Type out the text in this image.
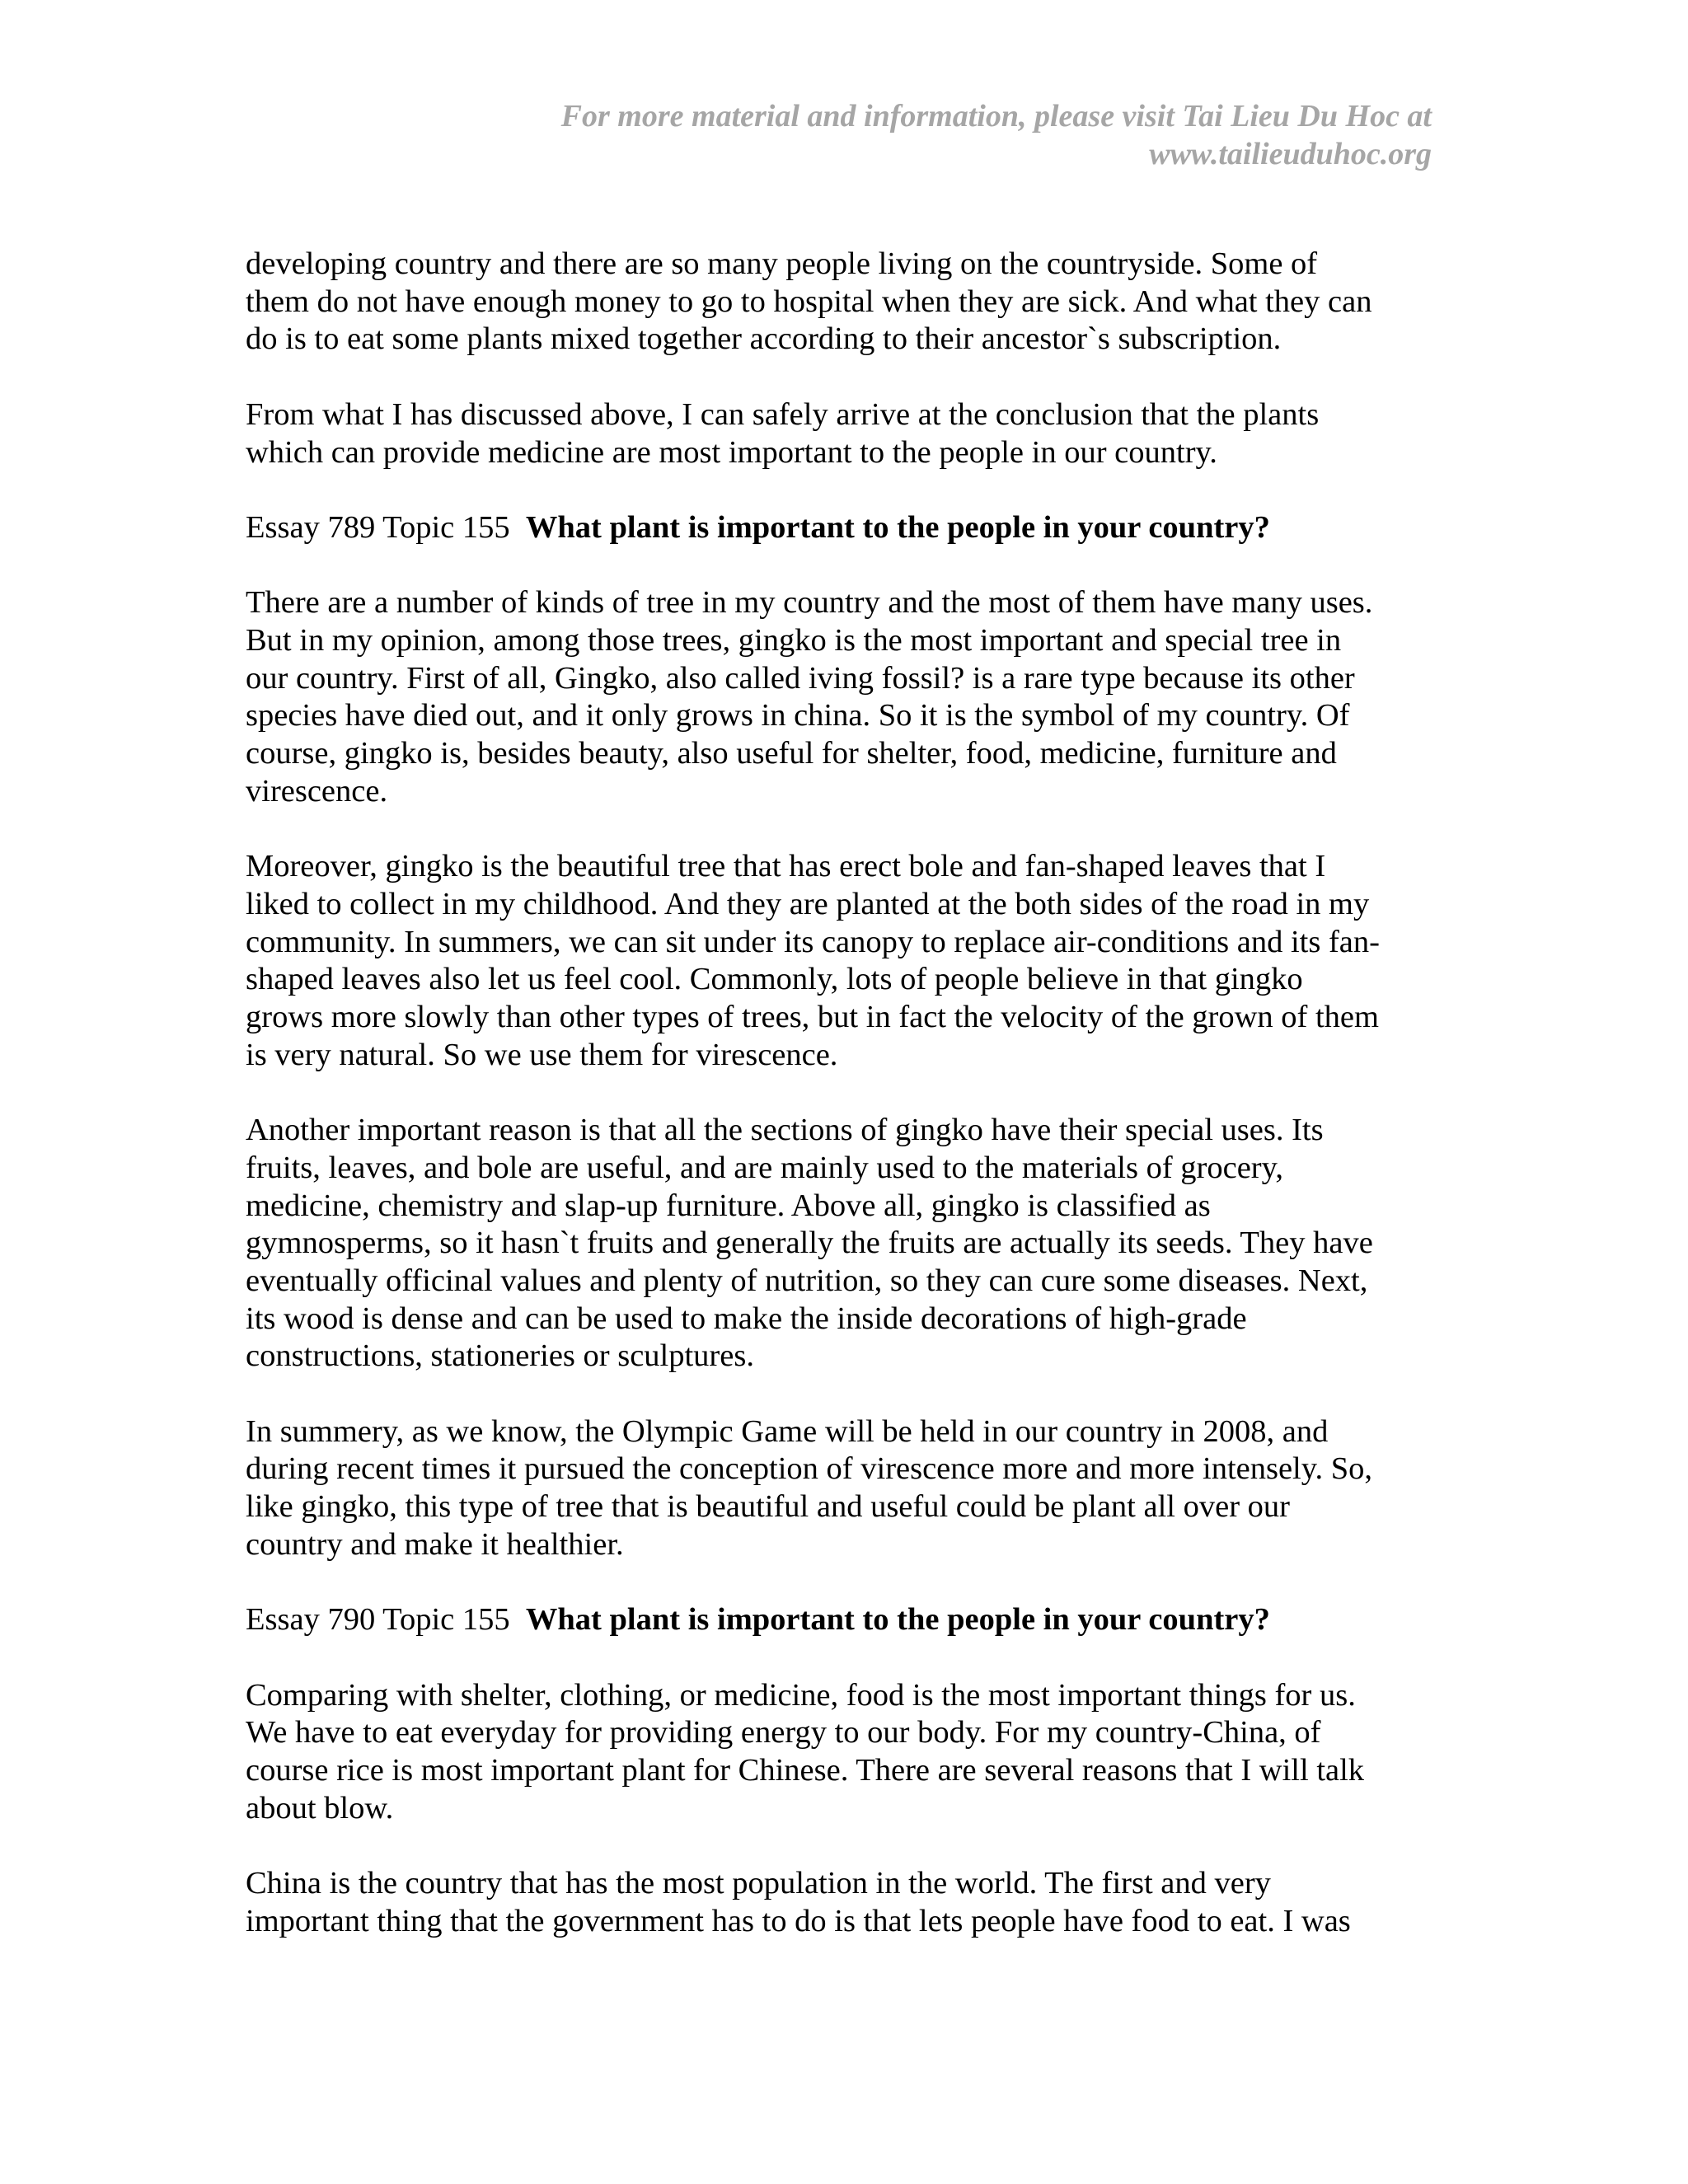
For more material and information, please visit Tai Lieu Du Hoc at
www.tailieuduhoc.org
developing country and there are so many people living on the countryside. Some of
them do not have enough money to go to hospital when they are sick. And what they can
do is to eat some plants mixed together according to their ancestor`s subscription.
From what I has discussed above, I can safely arrive at the conclusion that the plants
which can provide medicine are most important to the people in our country.
Essay 789 Topic 155  What plant is important to the people in your country?
There are a number of kinds of tree in my country and the most of them have many uses.
But in my opinion, among those trees, gingko is the most important and special tree in
our country. First of all, Gingko, also called iving fossil? is a rare type because its other
species have died out, and it only grows in china. So it is the symbol of my country. Of
course, gingko is, besides beauty, also useful for shelter, food, medicine, furniture and
virescence.
Moreover, gingko is the beautiful tree that has erect bole and fan-shaped leaves that I
liked to collect in my childhood. And they are planted at the both sides of the road in my
community. In summers, we can sit under its canopy to replace air-conditions and its fan-
shaped leaves also let us feel cool. Commonly, lots of people believe in that gingko
grows more slowly than other types of trees, but in fact the velocity of the grown of them
is very natural. So we use them for virescence.
Another important reason is that all the sections of gingko have their special uses. Its
fruits, leaves, and bole are useful, and are mainly used to the materials of grocery,
medicine, chemistry and slap-up furniture. Above all, gingko is classified as
gymnosperms, so it hasn`t fruits and generally the fruits are actually its seeds. They have
eventually officinal values and plenty of nutrition, so they can cure some diseases. Next,
its wood is dense and can be used to make the inside decorations of high-grade
constructions, stationeries or sculptures.
In summery, as we know, the Olympic Game will be held in our country in 2008, and
during recent times it pursued the conception of virescence more and more intensely. So,
like gingko, this type of tree that is beautiful and useful could be plant all over our
country and make it healthier.
Essay 790 Topic 155  What plant is important to the people in your country?
Comparing with shelter, clothing, or medicine, food is the most important things for us.
We have to eat everyday for providing energy to our body. For my country-China, of
course rice is most important plant for Chinese. There are several reasons that I will talk
about blow.
China is the country that has the most population in the world. The first and very
important thing that the government has to do is that lets people have food to eat. I was
